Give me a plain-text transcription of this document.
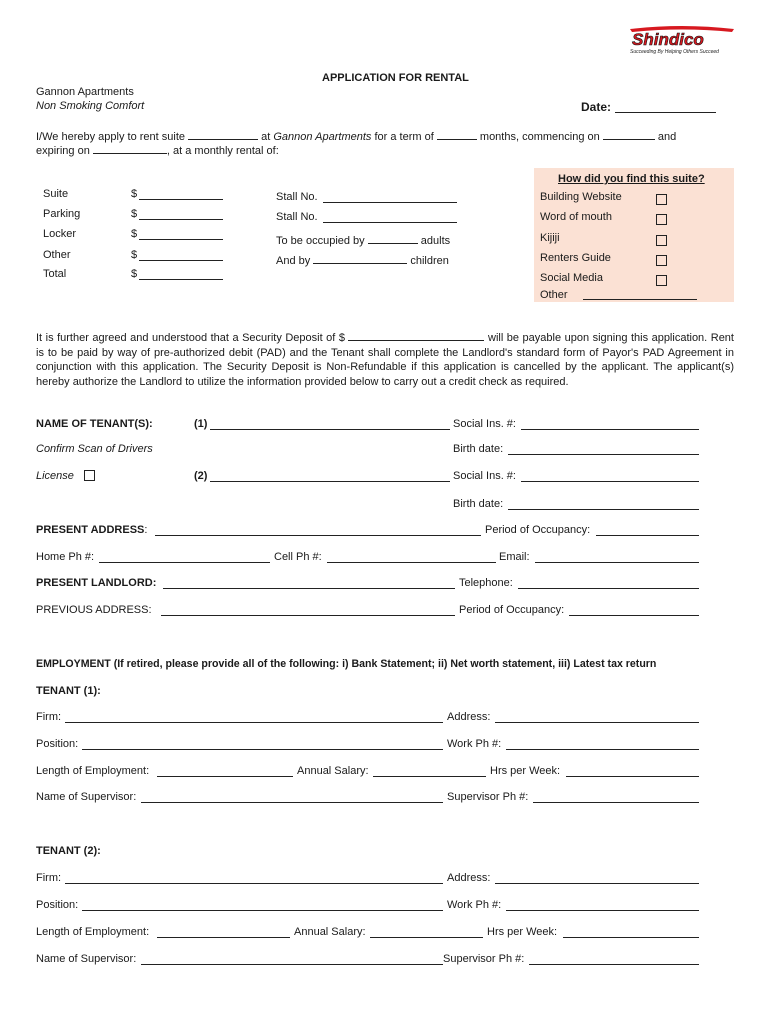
Shindico
Succeeding By Helping Others Succeed
APPLICATION FOR RENTAL
Gannon Apartments
Non Smoking Comfort	Date:
I/We hereby apply to rent suite	at Gannon Apartments for a term of	months, commencing on	and
expiring on	, at a monthly rental of:
Suite	$
Parking	$
Locker	$
Other	$
Total	$
Stall No.
Stall No.
To be occupied by	adults
And by	children
How did you find this suite?
Building Website
Word of mouth
Kijiji
Renters Guide
Social Media
Other
It is further agreed and understood that a Security Deposit of $	will be payable upon signing this application. Rent is to be paid by way of pre-authorized debit (PAD) and the Tenant shall complete the Landlord's standard form of Payor's PAD Agreement in conjunction with this application. The Security Deposit is Non-Refundable if this application is cancelled by the applicant. The applicant(s) hereby authorize the Landlord to utilize the information provided below to carry out a credit check as required.
NAME OF TENANT(S):	(1)	Social Ins. #:
Confirm Scan of Drivers	Birth date:
License	(2)	Social Ins. #:
Birth date:
PRESENT ADDRESS:	Period of Occupancy:
Home Ph #:	Cell Ph #:	Email:
PRESENT LANDLORD:	Telephone:
PREVIOUS ADDRESS:	Period of Occupancy:
EMPLOYMENT (If retired, please provide all of the following: i) Bank Statement; ii) Net worth statement, iii) Latest tax return
TENANT (1):
Firm:	Address:
Position:	Work Ph #:
Length of Employment:	Annual Salary:	Hrs per Week:
Name of Supervisor:	Supervisor Ph #:
TENANT (2):
Firm:	Address:
Position:	Work Ph #:
Length of Employment:	Annual Salary:	Hrs per Week:
Name of Supervisor:	Supervisor Ph #:
